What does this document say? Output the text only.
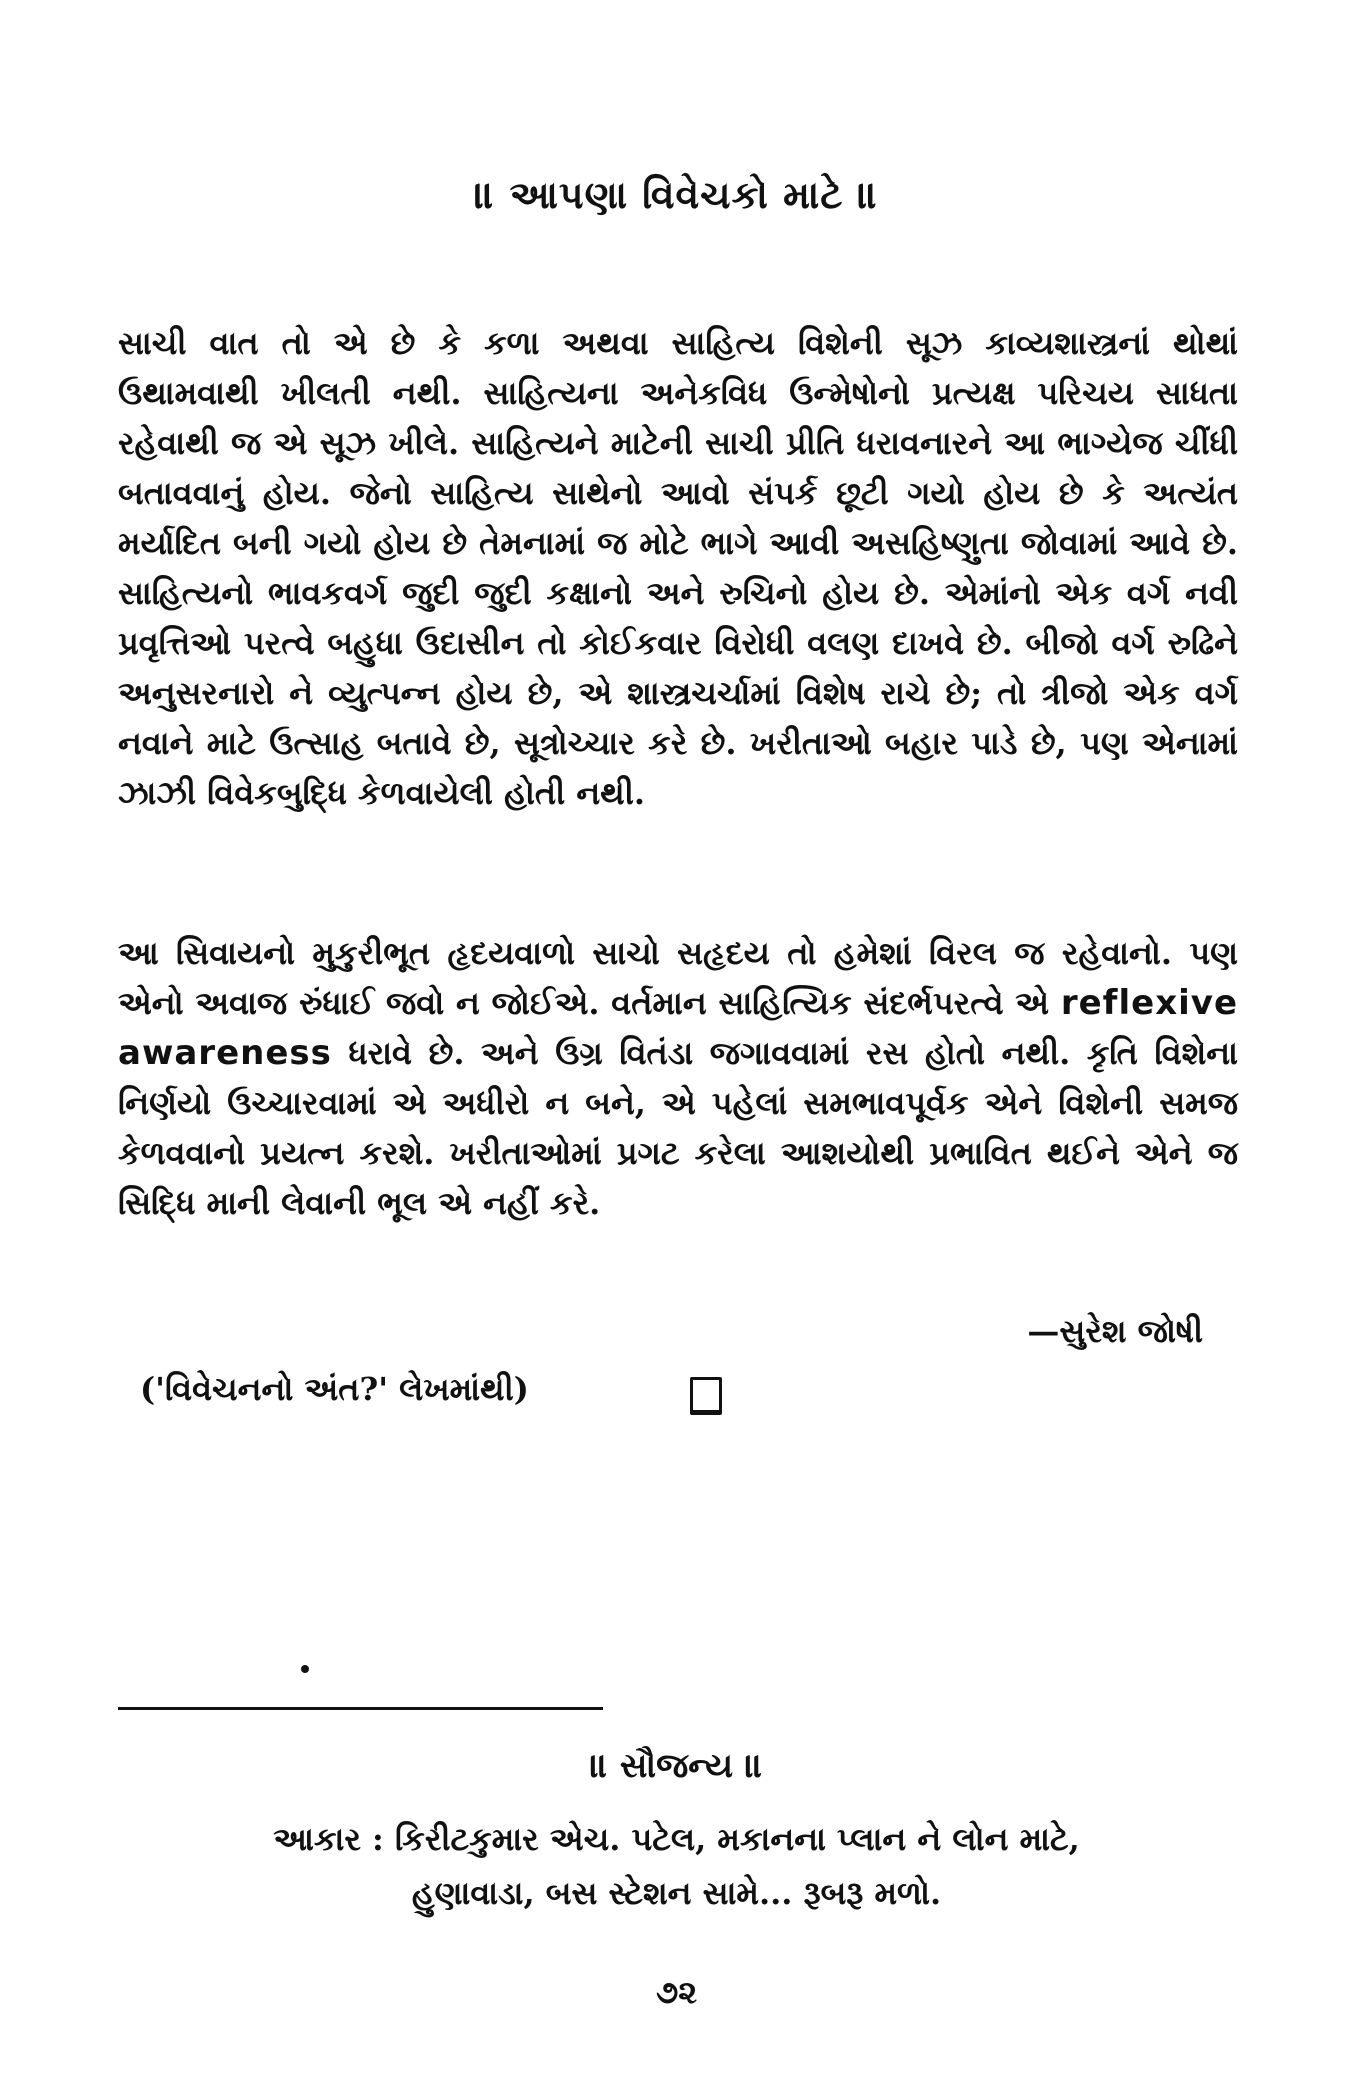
॥ આપણા વિવેચકો માટે ॥
સાચી વાત તો એ છે કે કળા અથવા સાહિત્ય વિશેની સૂઝ કાવ્યશાસ્ત્રનાં થોથાં ઉથામવાથી ખીલતી નથી. સાહિત્યના અનેકવિધ ઉન્મેષોનો પ્રત્યક્ષ પરિચય સાધતા રહેવાથી જ એ સૂઝ ખીલે. સાહિત્યને માટેની સાચી પ્રીતિ ધરાવનારને આ ભાગ્યેજ ચીંધી બતાવવાનું હોય. જેનો સાહિત્ય સાથેનો આવો સંપર્ક છૂટી ગયો હોય છે કે અત્યંત મર્યાદિત બની ગયો હોય છે તેમનામાં જ મોટે ભાગે આવી અસહિષ્ણુતા જોવામાં આવે છે. સાહિત્યનો ભાવકવર્ગ જુદી જુદી કક્ષાનો અને રુચિનો હોય છે. એમાંનો એક વર્ગ નવી પ્રવૃત્તિઓ પરત્વે બહુધા ઉદાસીન તો કોઈકવાર વિરોધી વલણ દાખવે છે. બીજો વર્ગ રુઢિને અનુસરનારો ને વ્યુત્પન્ન હોય છે, એ શાસ્ત્રચર્ચામાં વિશેષ રાચે છે; તો ત્રીજો એક વર્ગ નવાને માટે ઉત્સાહ બતાવે છે, સૂત્રોચ્ચાર કરે છે. ખરીતાઓ બહાર પાડે છે, પણ એનામાં ઝાઝી વિવેકબુદ્ધિ કેળવાયેલી હોતી નથી.
આ સિવાયનો મુકુરીભૂત હૃદયવાળો સાચો સહૃદય તો હમેશાં વિરલ જ રહેવાનો. પણ એનો અવાજ રુંધાઈ જવો ન જોઈએ. વર્તમાન સાહિત્યિક સંદર્ભપરત્વે એ reflexive awareness ધરાવે છે. અને ઉગ્ર વિતંડા જગાવવામાં રસ હોતો નથી. કૃતિ વિશેના નિર્ણયો ઉચ્ચારવામાં એ અધીરો ન બને, એ પહેલાં સમભાવપૂર્વક એને વિશેની સમજ કેળવવાનો પ્રયત્ન કરશે. ખરીતાઓમાં પ્રગટ કરેલા આશયોથી પ્રભાવિત થઈને એને જ સિદ્ધિ માની લેવાની ભૂલ એ નહીં કરે.
—સુરેશ જોષી
('વિવેચનનો અંત?' લેખમાંથી)
॥ સૌજન્ય ॥
આકાર : કિરીટકુમાર એચ. પટેલ, મકાનના પ્લાન ને લોન માટે,
હુણાવાડા, બસ સ્ટેશન સામે... રૂબરૂ મળો.
૭૨
